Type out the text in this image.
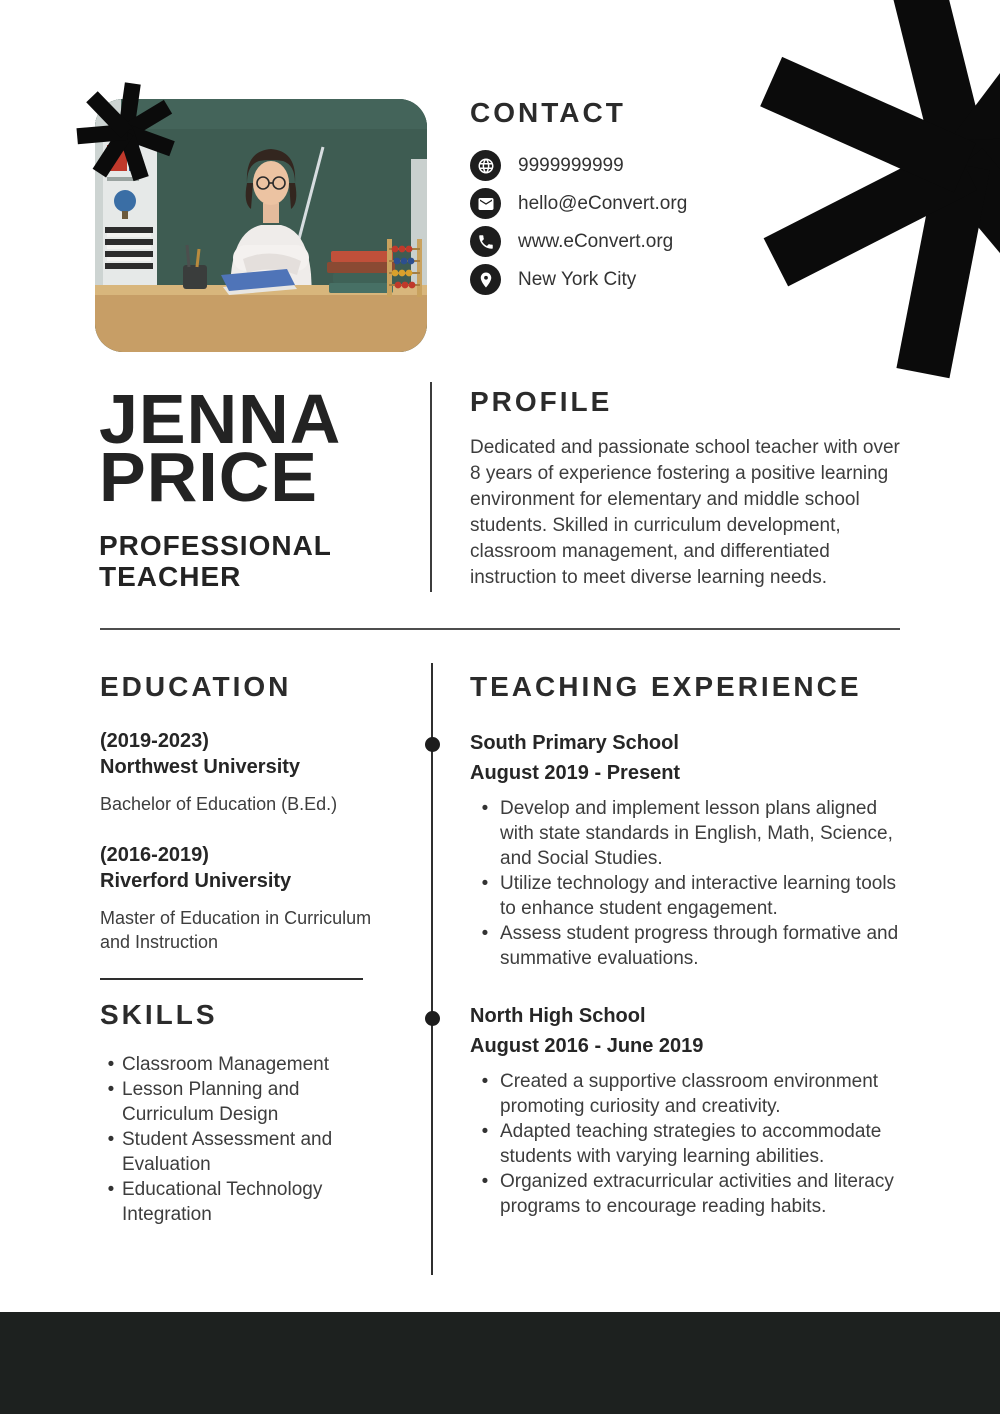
CONTACT
9999999999
hello@eConvert.org
www.eConvert.org
New York City
JENNA
PRICE
PROFESSIONAL
TEACHER
PROFILE

Dedicated and passionate school teacher with over 8 years of experience fostering a positive learning environment for elementary and middle school students. Skilled in curriculum development, classroom management, and differentiated instruction to meet diverse learning needs.

EDUCATION
(2019-2023)
Northwest University
Bachelor of Education (B.Ed.)
(2016-2019)
Riverford University
Master of Education in Curriculum and Instruction
SKILLS
• Classroom Management
• Lesson Planning and Curriculum Design
• Student Assessment and Evaluation
• Educational Technology Integration
TEACHING EXPERIENCE
South Primary School
August 2019 - Present
• Develop and implement lesson plans aligned with state standards in English, Math, Science, and Social Studies.
• Utilize technology and interactive learning tools to enhance student engagement.
• Assess student progress through formative and summative evaluations.
North High School
August 2016 - June 2019
• Created a supportive classroom environment promoting curiosity and creativity.
• Adapted teaching strategies to accommodate students with varying learning abilities.
• Organized extracurricular activities and literacy programs to encourage reading habits.
